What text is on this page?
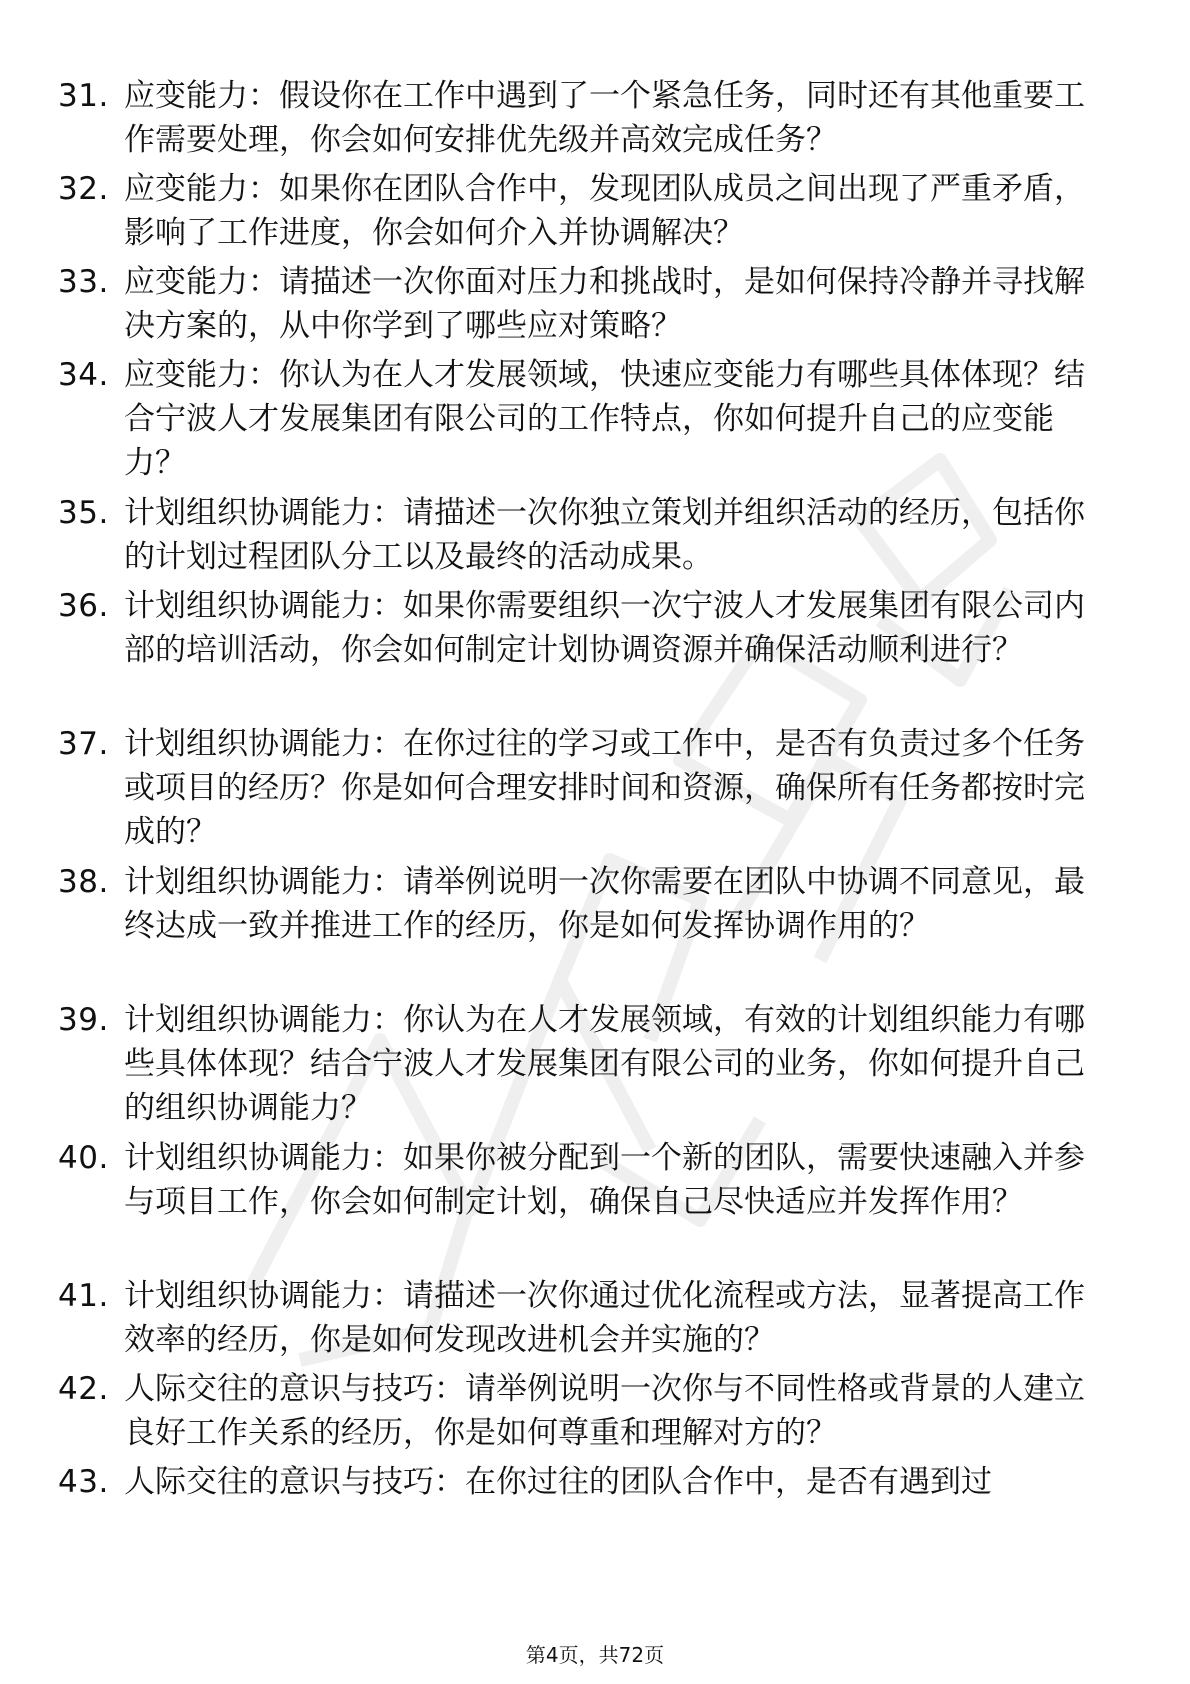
31. 应变能力：假设你在工作中遇到了一个紧急任务，同时还有其他重要工作需要处理，你会如何安排优先级并高效完成任务？
32. 应变能力：如果你在团队合作中，发现团队成员之间出现了严重矛盾，影响了工作进度，你会如何介入并协调解决？
33. 应变能力：请描述一次你面对压力和挑战时，是如何保持冷静并寻找解决方案的，从中你学到了哪些应对策略？
34. 应变能力：你认为在人才发展领域，快速应变能力有哪些具体体现？结合宁波人才发展集团有限公司的工作特点，你如何提升自己的应变能力？
35. 计划组织协调能力：请描述一次你独立策划并组织活动的经历，包括你的计划过程团队分工以及最终的活动成果。
36. 计划组织协调能力：如果你需要组织一次宁波人才发展集团有限公司内部的培训活动，你会如何制定计划协调资源并确保活动顺利进行？
37. 计划组织协调能力：在你过往的学习或工作中，是否有负责过多个任务或项目的经历？你是如何合理安排时间和资源，确保所有任务都按时完成的？
38. 计划组织协调能力：请举例说明一次你需要在团队中协调不同意见，最终达成一致并推进工作的经历，你是如何发挥协调作用的？
39. 计划组织协调能力：你认为在人才发展领域，有效的计划组织能力有哪些具体体现？结合宁波人才发展集团有限公司的业务，你如何提升自己的组织协调能力？
40. 计划组织协调能力：如果你被分配到一个新的团队，需要快速融入并参与项目工作，你会如何制定计划，确保自己尽快适应并发挥作用？
41. 计划组织协调能力：请描述一次你通过优化流程或方法，显著提高工作效率的经历，你是如何发现改进机会并实施的？
42. 人际交往的意识与技巧：请举例说明一次你与不同性格或背景的人建立良好工作关系的经历，你是如何尊重和理解对方的？
43. 人际交往的意识与技巧：在你过往的团队合作中，是否有遇到过
第4页，共72页
